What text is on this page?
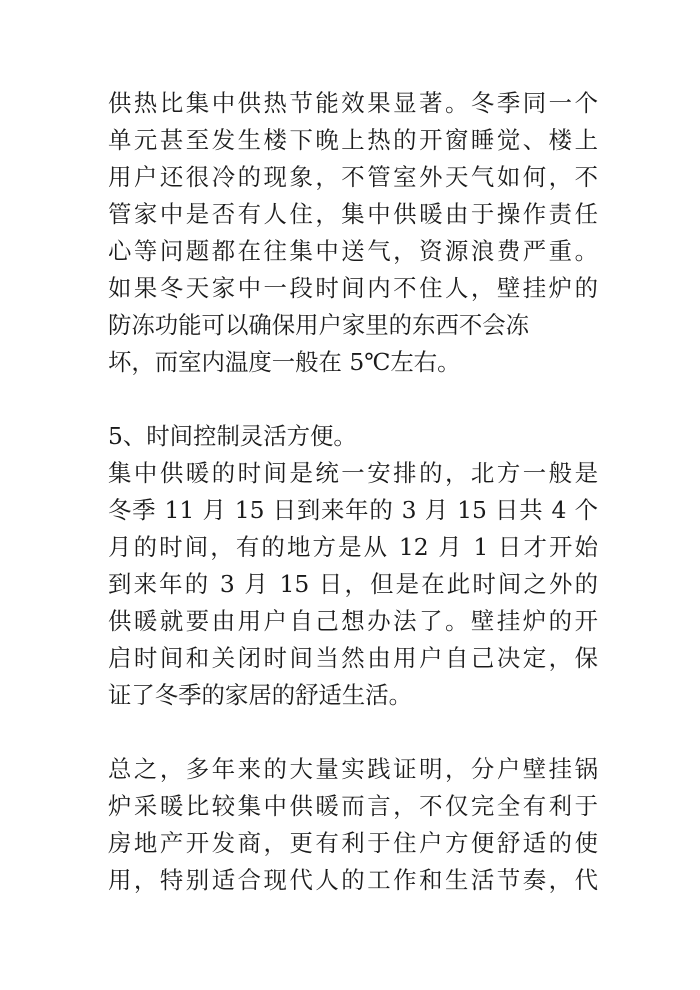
供热比集中供热节能效果显著。冬季同一个
单元甚至发生楼下晚上热的开窗睡觉、楼上
用户还很冷的现象，不管室外天气如何，不
管家中是否有人住，集中供暖由于操作责任
心等问题都在往集中送气，资源浪费严重。
如果冬天家中一段时间内不住人，壁挂炉的
防冻功能可以确保用户家里的东西不会冻
坏，而室内温度一般在 5℃左右。
5、时间控制灵活方便。
集中供暖的时间是统一安排的，北方一般是
冬季 11 月 15 日到来年的 3 月 15 日共 4 个
月的时间，有的地方是从 12 月 1 日才开始
到来年的 3 月 15 日，但是在此时间之外的
供暖就要由用户自己想办法了。壁挂炉的开
启时间和关闭时间当然由用户自己决定，保
证了冬季的家居的舒适生活。
总之，多年来的大量实践证明，分户壁挂锅
炉采暖比较集中供暖而言，不仅完全有利于
房地产开发商，更有利于住户方便舒适的使
用，特别适合现代人的工作和生活节奏，代
